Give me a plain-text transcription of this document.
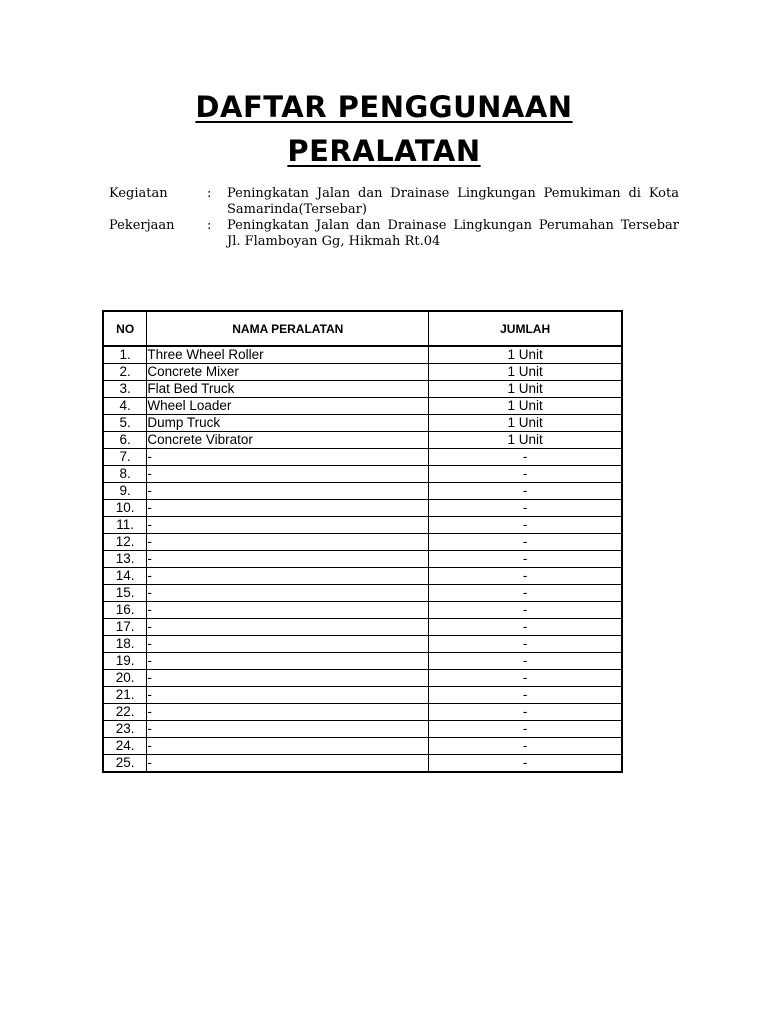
DAFTAR PENGGUNAAN
PERALATAN
Kegiatan	:	Peningkatan Jalan dan Drainase Lingkungan Pemukiman di Kota Samarinda(Tersebar)
Pekerjaan	:	Peningkatan Jalan dan Drainase Lingkungan Perumahan Tersebar Jl. Flamboyan Gg, Hikmah Rt.04
NO	NAMA PERALATAN	JUMLAH
1.	Three Wheel Roller	1 Unit
2.	Concrete Mixer	1 Unit
3.	Flat Bed Truck	1 Unit
4.	Wheel Loader	1 Unit
5.	Dump Truck	1 Unit
6.	Concrete Vibrator	1 Unit
7.	-	-
8.	-	-
9.	-	-
10.	-	-
11.	-	-
12.	-	-
13.	-	-
14.	-	-
15.	-	-
16.	-	-
17.	-	-
18.	-	-
19.	-	-
20.	-	-
21.	-	-
22.	-	-
23.	-	-
24.	-	-
25.	-	-
